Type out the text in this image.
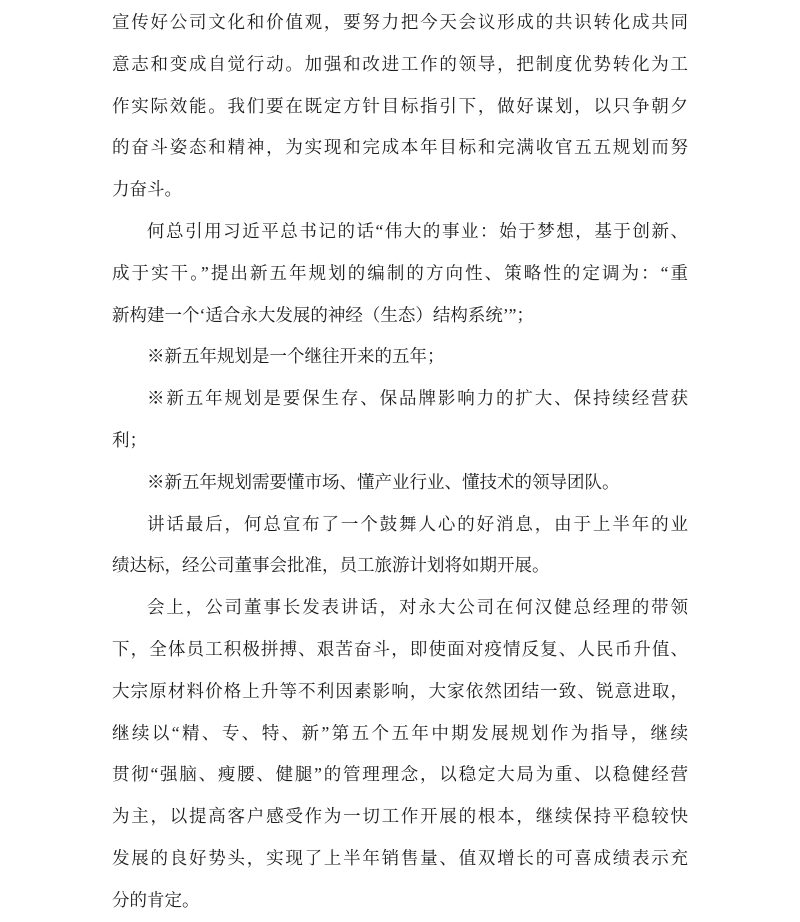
宣传好公司文化和价值观，要努力把今天会议形成的共识转化成共同
意志和变成自觉行动。加强和改进工作的领导，把制度优势转化为工
作实际效能。我们要在既定方针目标指引下，做好谋划，以只争朝夕
的奋斗姿态和精神，为实现和完成本年目标和完满收官五五规划而努
力奋斗。
何总引用习近平总书记的话“伟大的事业：始于梦想，基于创新、
成于实干。”提出新五年规划的编制的方向性、策略性的定调为：“重
新构建一个‘适合永大发展的神经（生态）结构系统’”；
※新五年规划是一个继往开来的五年；
※新五年规划是要保生存、保品牌影响力的扩大、保持续经营获
利；
※新五年规划需要懂市场、懂产业行业、懂技术的领导团队。
讲话最后，何总宣布了一个鼓舞人心的好消息，由于上半年的业
绩达标，经公司董事会批准，员工旅游计划将如期开展。
会上，公司董事长发表讲话，对永大公司在何汉健总经理的带领
下，全体员工积极拼搏、艰苦奋斗，即使面对疫情反复、人民币升值、
大宗原材料价格上升等不利因素影响，大家依然团结一致、锐意进取，
继续以“精、专、特、新”第五个五年中期发展规划作为指导，继续
贯彻“强脑、瘦腰、健腿”的管理理念，以稳定大局为重、以稳健经营
为主，以提高客户感受作为一切工作开展的根本，继续保持平稳较快
发展的良好势头，实现了上半年销售量、值双增长的可喜成绩表示充
分的肯定。
